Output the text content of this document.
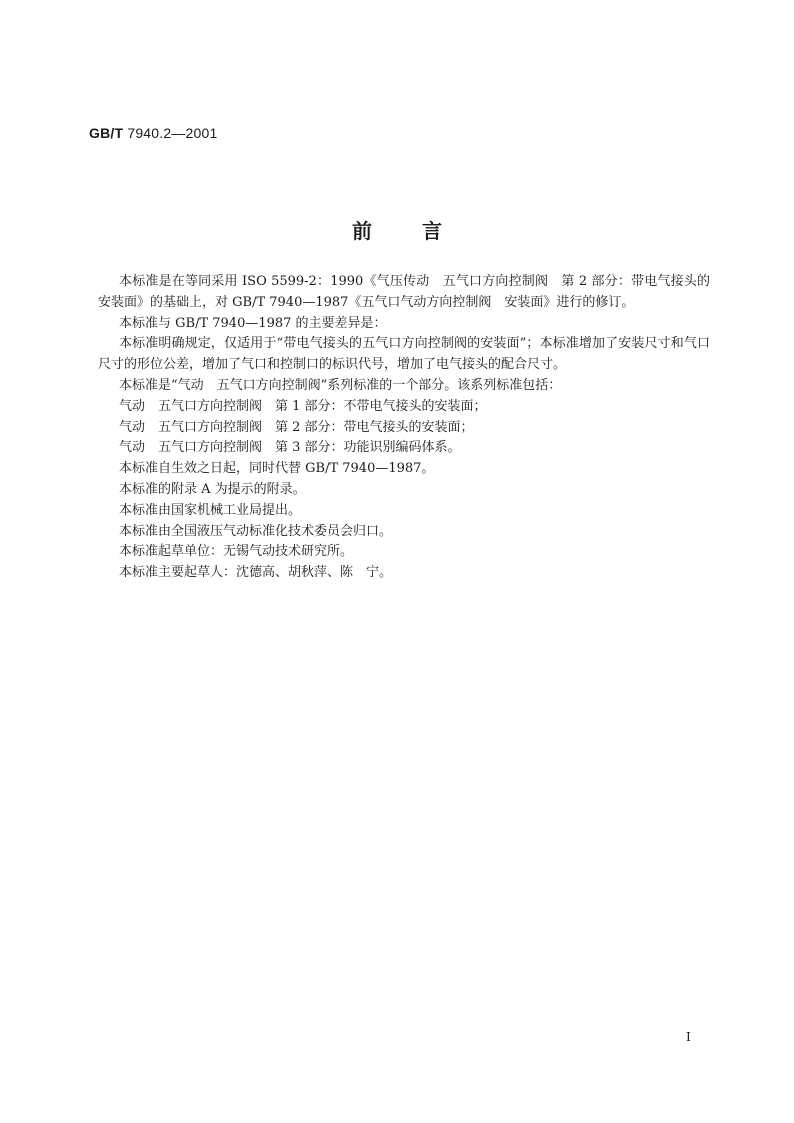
GB/T 7940.2—2001

前言

本标准是在等同采用 ISO 5599-2：1990《气压传动　五气口方向控制阀　第 2 部分：带电气接头的安装面》的基础上，对 GB/T 7940—1987《五气口气动方向控制阀　安装面》进行的修订。

本标准与 GB/T 7940—1987 的主要差异是：

本标准明确规定，仅适用于“带电气接头的五气口方向控制阀的安装面”；本标准增加了安装尺寸和气口尺寸的形位公差，增加了气口和控制口的标识代号，增加了电气接头的配合尺寸。

本标准是“气动　五气口方向控制阀”系列标准的一个部分。该系列标准包括：

气动　五气口方向控制阀　第 1 部分：不带电气接头的安装面；

气动　五气口方向控制阀　第 2 部分：带电气接头的安装面；

气动　五气口方向控制阀　第 3 部分：功能识别编码体系。

本标准自生效之日起，同时代替 GB/T 7940—1987。

本标准的附录 A 为提示的附录。

本标准由国家机械工业局提出。

本标准由全国液压气动标准化技术委员会归口。

本标准起草单位：无锡气动技术研究所。

本标准主要起草人：沈德高、胡秋萍、陈　宁。

I
